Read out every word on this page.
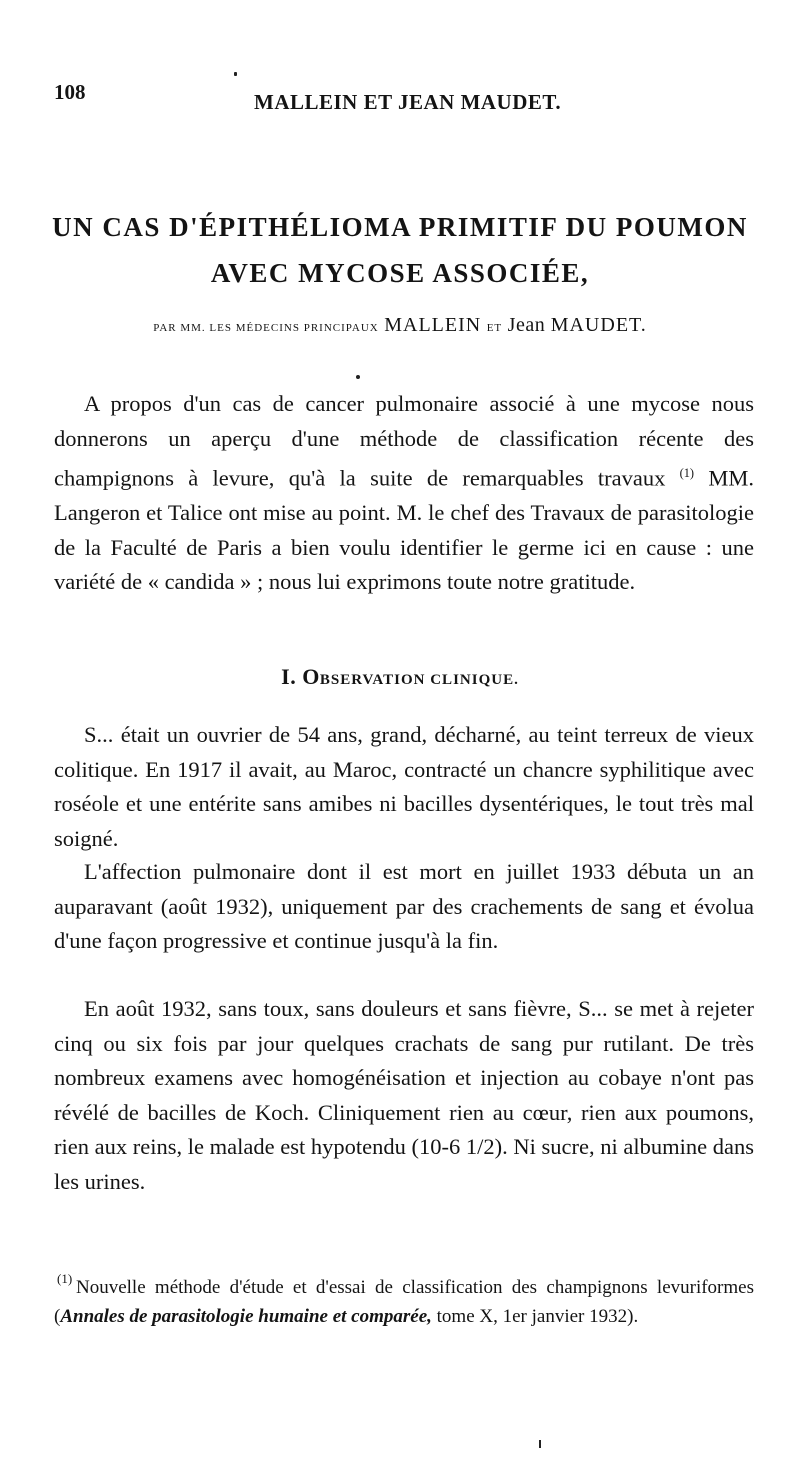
108	MALLEIN ET JEAN MAUDET.
UN CAS D'ÉPITHÉLIOMA PRIMITIF DU POUMON
AVEC MYCOSE ASSOCIÉE,
PAR MM. LES MÉDECINS PRINCIPAUX MALLEIN ET Jean MAUDET.

A propos d'un cas de cancer pulmonaire associé à une mycose nous donnerons un aperçu d'une méthode de classification récente des champignons à levure, qu'à la suite de remarquables travaux $^{(1)}$ MM. Langeron et Talice ont mise au point. M. le chef des Travaux de parasitologie de la Faculté de Paris a bien voulu identifier le germe ici en cause : une variété de « candida » ; nous lui exprimons toute notre gratitude.

I. OBSERVATION CLINIQUE.

S... était un ouvrier de 54 ans, grand, décharné, au teint terreux de vieux colitique. En 1917 il avait, au Maroc, contracté un chancre syphilitique avec roséole et une entérite sans amibes ni bacilles dysentériques, le tout très mal soigné.

L'affection pulmonaire dont il est mort en juillet 1933 débuta un an auparavant (août 1932), uniquement par des crachements de sang et évolua d'une façon progressive et continue jusqu'à la fin.

En août 1932, sans toux, sans douleurs et sans fièvre, S... se met à rejeter cinq ou six fois par jour quelques crachats de sang pur rutilant. De très nombreux examens avec homogénéisation et injection au cobaye n'ont pas révélé de bacilles de Koch. Cliniquement rien au cœur, rien aux poumons, rien aux reins, le malade est hypotendu (10-6 1/2). Ni sucre, ni albumine dans les urines.

(1) Nouvelle méthode d'étude et d'essai de classification des champignons levuriformes (Annales de parasitologie humaine et comparée, tome X, 1er janvier 1932).
